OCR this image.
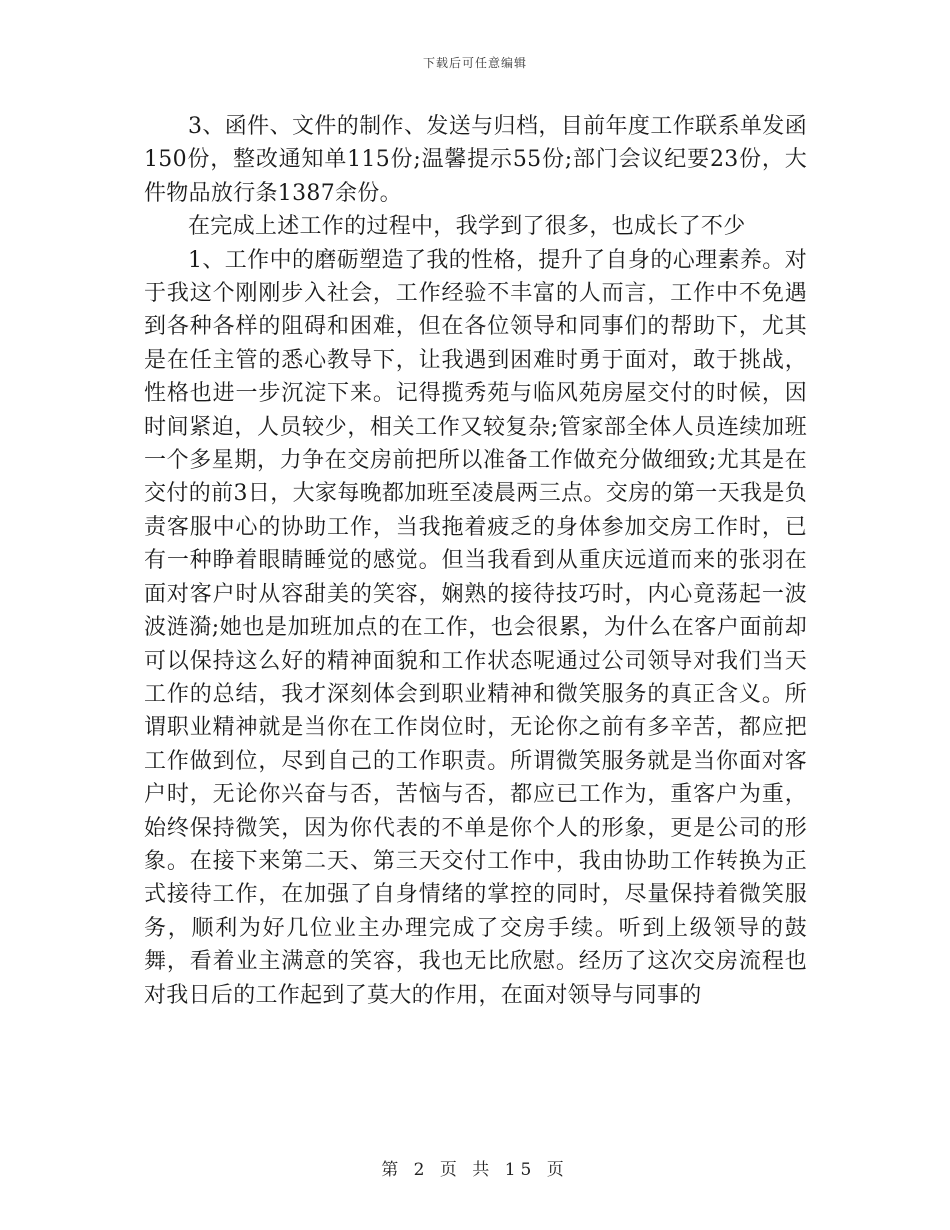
下载后可任意编辑

3、函件、文件的制作、发送与归档，目前年度工作联系单发函150份，整改通知单115份;温馨提示55份;部门会议纪要23份，大件物品放行条1387余份。

在完成上述工作的过程中，我学到了很多，也成长了不少

1、工作中的磨砺塑造了我的性格，提升了自身的心理素养。对于我这个刚刚步入社会，工作经验不丰富的人而言，工作中不免遇到各种各样的阻碍和困难，但在各位领导和同事们的帮助下，尤其是在任主管的悉心教导下，让我遇到困难时勇于面对，敢于挑战，性格也进一步沉淀下来。记得揽秀苑与临风苑房屋交付的时候，因时间紧迫，人员较少，相关工作又较复杂;管家部全体人员连续加班一个多星期，力争在交房前把所以准备工作做充分做细致;尤其是在交付的前3日，大家每晚都加班至凌晨两三点。交房的第一天我是负责客服中心的协助工作，当我拖着疲乏的身体参加交房工作时，已有一种睁着眼睛睡觉的感觉。但当我看到从重庆远道而来的张羽在面对客户时从容甜美的笑容，娴熟的接待技巧时，内心竟荡起一波波涟漪;她也是加班加点的在工作，也会很累，为什么在客户面前却可以保持这么好的精神面貌和工作状态呢通过公司领导对我们当天工作的总结，我才深刻体会到职业精神和微笑服务的真正含义。所谓职业精神就是当你在工作岗位时，无论你之前有多辛苦，都应把工作做到位，尽到自己的工作职责。所谓微笑服务就是当你面对客户时，无论你兴奋与否，苦恼与否，都应已工作为，重客户为重，始终保持微笑，因为你代表的不单是你个人的形象，更是公司的形象。在接下来第二天、第三天交付工作中，我由协助工作转换为正式接待工作，在加强了自身情绪的掌控的同时，尽量保持着微笑服务，顺利为好几位业主办理完成了交房手续。听到上级领导的鼓舞，看着业主满意的笑容，我也无比欣慰。经历了这次交房流程也对我日后的工作起到了莫大的作用，在面对领导与同事的

第 2 页 共 15 页
